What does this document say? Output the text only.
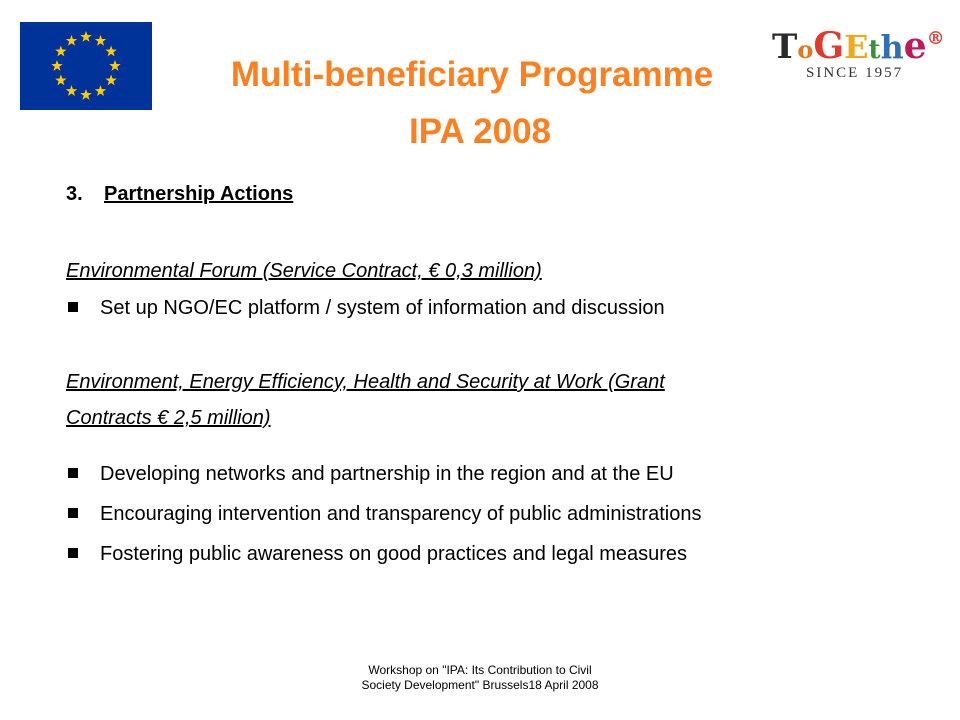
Multi-beneficiary Programme
IPA 2008
ToGEthe®
SINCE 1957
3. Partnership Actions
Environmental Forum (Service Contract, € 0,3 million)
Set up NGO/EC platform / system of information and discussion
Environment, Energy Efficiency, Health and Security at Work (Grant
Contracts € 2,5 million)
Developing networks and partnership in the region and at the EU
Encouraging intervention and transparency of public administrations
Fostering public awareness on good practices and legal measures
Workshop on "IPA: Its Contribution to Civil
Society Development" Brussels18 April 2008
